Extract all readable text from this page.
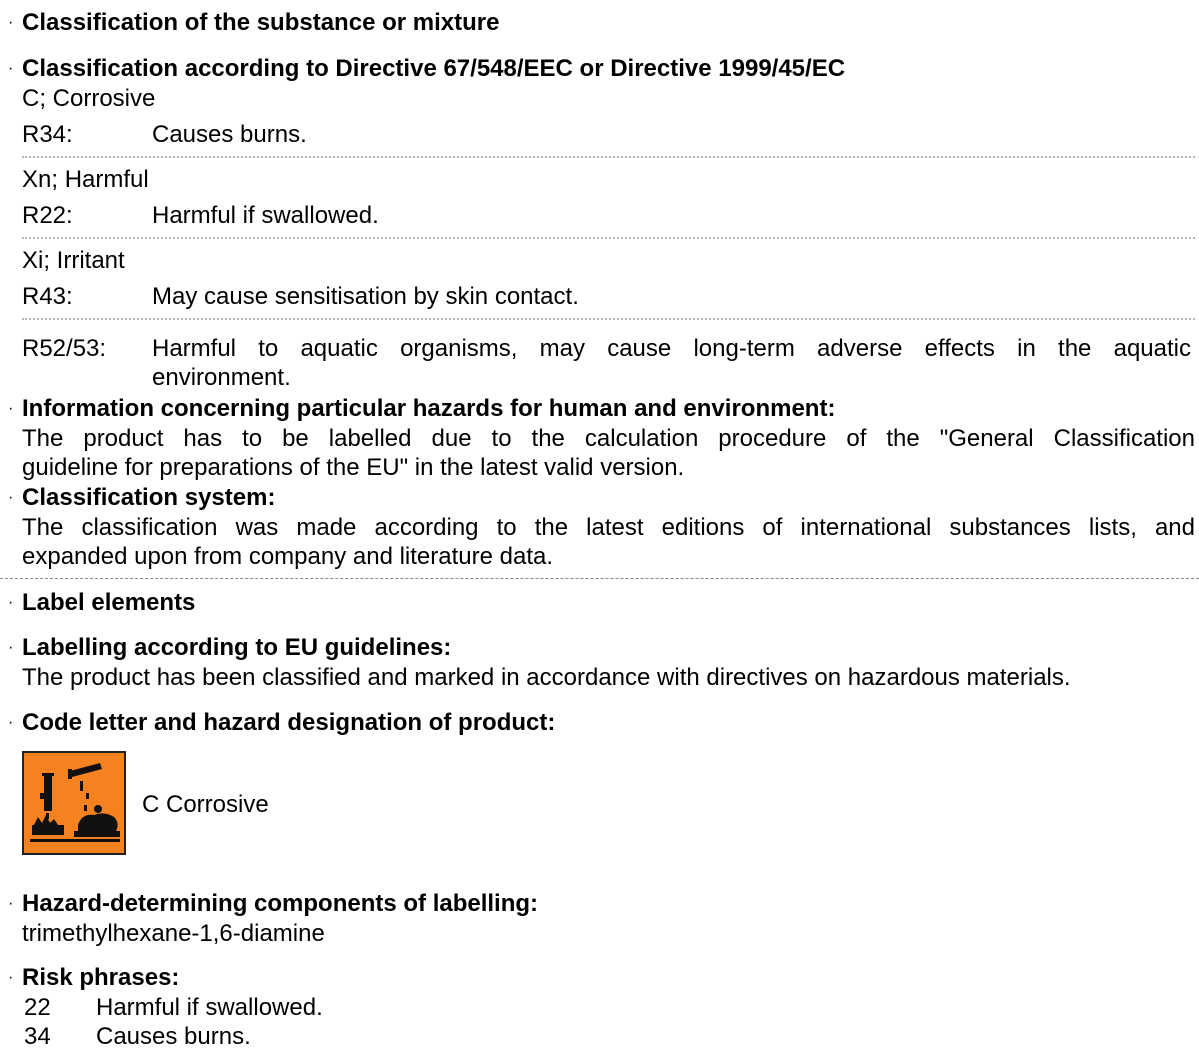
· Classification of the substance or mixture
· Classification according to Directive 67/548/EEC or Directive 1999/45/EC
C; Corrosive
R34:	Causes burns.
Xn; Harmful
R22:	Harmful if swallowed.
Xi; Irritant
R43:	May cause sensitisation by skin contact.
R52/53: Harmful to aquatic organisms, may cause long-term adverse effects in the aquatic
environment.
· Information concerning particular hazards for human and environment:
The product has to be labelled due to the calculation procedure of the "General Classification
guideline for preparations of the EU" in the latest valid version.
· Classification system:
The classification was made according to the latest editions of international substances lists, and
expanded upon from company and literature data.
· Label elements
· Labelling according to EU guidelines:
The product has been classified and marked in accordance with directives on hazardous materials.
· Code letter and hazard designation of product:
C Corrosive
· Hazard-determining components of labelling:
trimethylhexane-1,6-diamine
· Risk phrases:
22 Harmful if swallowed.
34 Causes burns.
